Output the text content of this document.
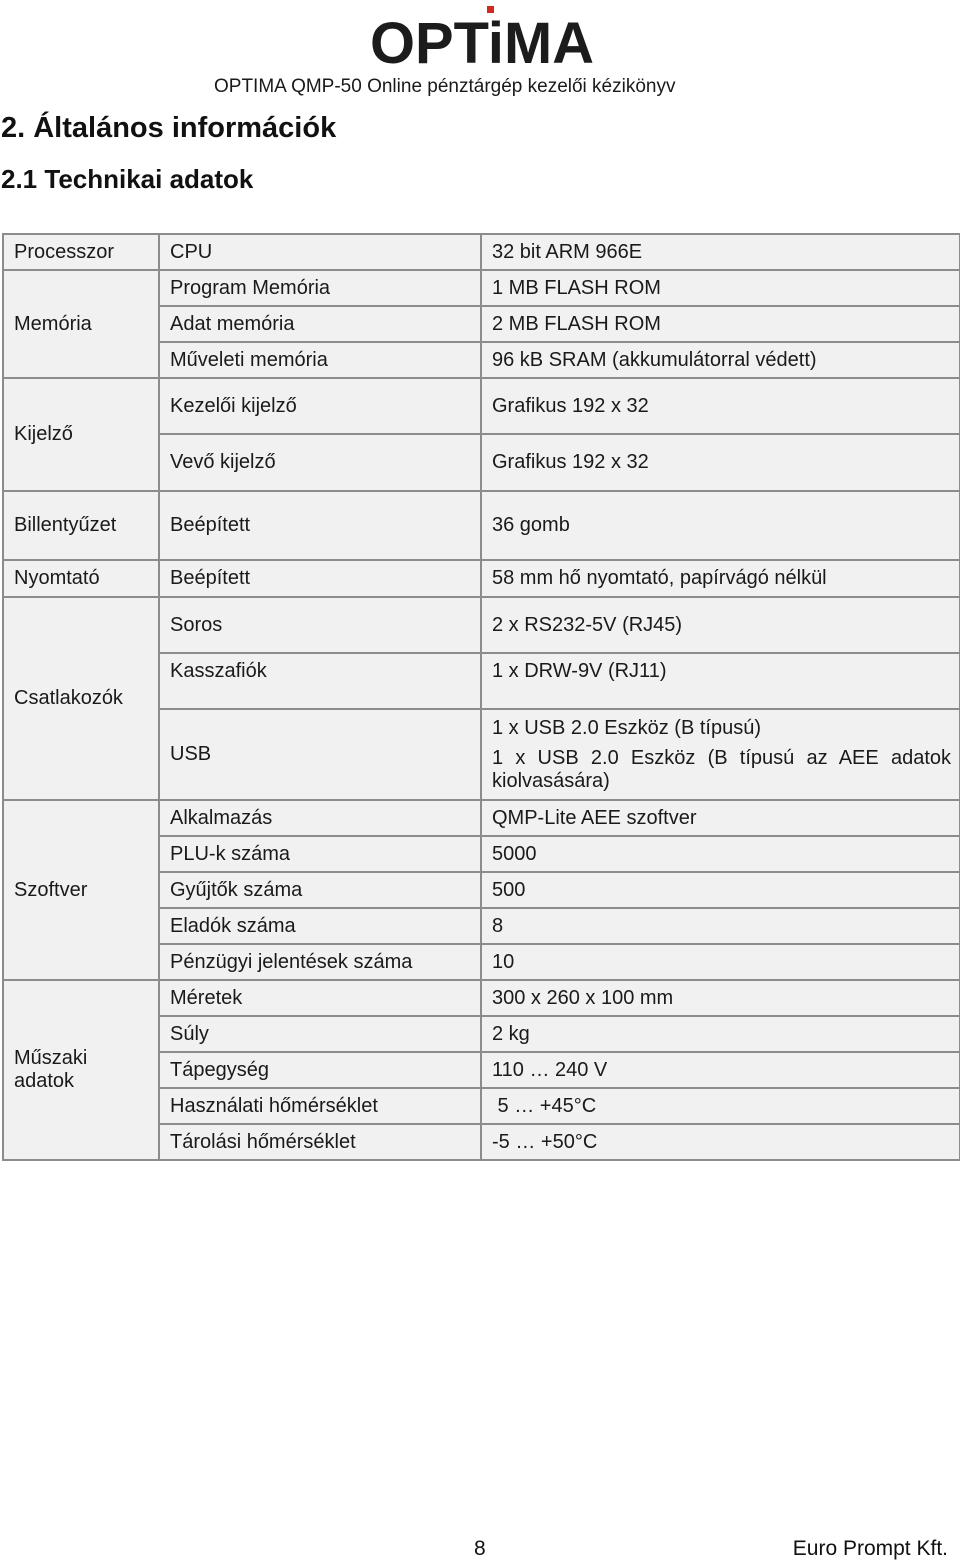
OPTiMA
OPTIMA QMP-50 Online pénztárgép kezelői kézikönyv
2. Általános információk
2.1 Technikai adatok
Processzor	CPU	32 bit ARM 966E
Memória	Program Memória	1 MB FLASH ROM
	Adat memória	2 MB FLASH ROM
	Műveleti memória	96 kB SRAM (akkumulátorral védett)
Kijelző	Kezelői kijelző	Grafikus 192 x 32
	Vevő kijelző	Grafikus 192 x 32
Billentyűzet	Beépített	36 gomb
Nyomtató	Beépített	58 mm hő nyomtató, papírvágó nélkül
Csatlakozók	Soros	2 x RS232-5V (RJ45)
	Kasszafiók	1 x DRW-9V (RJ11)
	USB	1 x USB 2.0 Eszköz (B típusú)
1 x USB 2.0 Eszköz (B típusú az AEE adatok kiolvasására)

Szoftver	Alkalmazás	QMP-Lite AEE szoftver
	PLU-k száma	5000
	Gyűjtők száma	500
	Eladók száma	8
	Pénzügyi jelentések száma	10
Műszaki adatok	Méretek	300 x 260 x 100 mm
	Súly	2 kg
	Tápegység	110 … 240 V
	Használati hőmérséklet	5 … +45°C
	Tárolási hőmérséklet	-5 … +50°C
8	Euro Prompt Kft.
